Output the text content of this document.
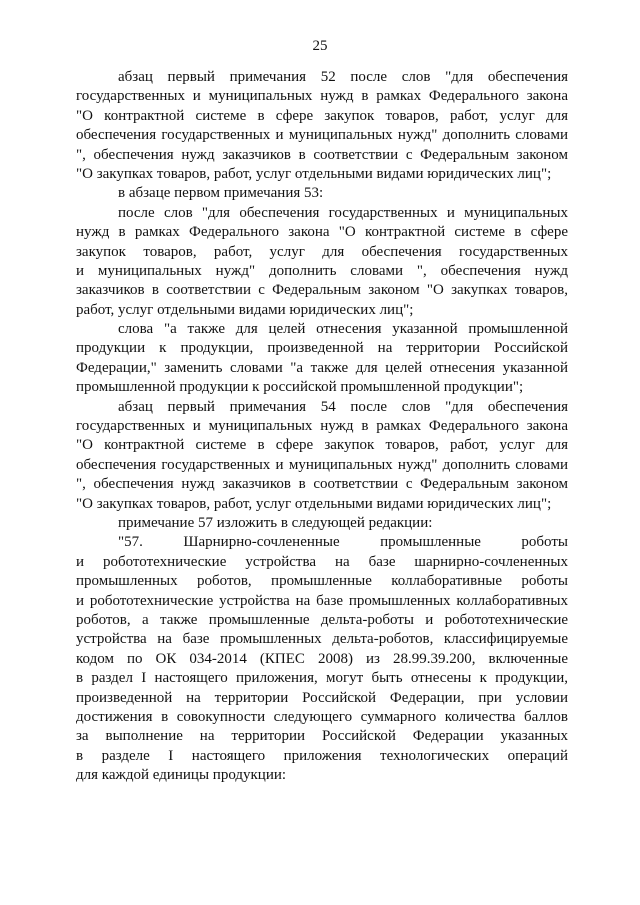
25
абзац первый примечания 52 после слов "для обеспечения
государственных и муниципальных нужд в рамках Федерального закона
"О контрактной системе в сфере закупок товаров, работ, услуг для
обеспечения государственных и муниципальных нужд" дополнить словами
", обеспечения нужд заказчиков в соответствии с Федеральным законом
"О закупках товаров, работ, услуг отдельными видами юридических лиц";
в абзаце первом примечания 53:
после слов "для обеспечения государственных и муниципальных
нужд в рамках Федерального закона "О контрактной системе в сфере
закупок товаров, работ, услуг для обеспечения государственных
и муниципальных нужд" дополнить словами ", обеспечения нужд
заказчиков в соответствии с Федеральным законом "О закупках товаров,
работ, услуг отдельными видами юридических лиц";
слова "а также для целей отнесения указанной промышленной
продукции к продукции, произведенной на территории Российской
Федерации," заменить словами "а также для целей отнесения указанной
промышленной продукции к российской промышленной продукции";
абзац первый примечания 54 после слов "для обеспечения
государственных и муниципальных нужд в рамках Федерального закона
"О контрактной системе в сфере закупок товаров, работ, услуг для
обеспечения государственных и муниципальных нужд" дополнить словами
", обеспечения нужд заказчиков в соответствии с Федеральным законом
"О закупках товаров, работ, услуг отдельными видами юридических лиц";
примечание 57 изложить в следующей редакции:
"57. Шарнирно-сочлененные промышленные роботы
и робототехнические устройства на базе шарнирно-сочлененных
промышленных роботов, промышленные коллаборативные роботы
и робототехнические устройства на базе промышленных коллаборативных
роботов, а также промышленные дельта-роботы и робототехнические
устройства на базе промышленных дельта-роботов, классифицируемые
кодом по ОК 034-2014 (КПЕС 2008) из 28.99.39.200, включенные
в раздел I настоящего приложения, могут быть отнесены к продукции,
произведенной на территории Российской Федерации, при условии
достижения в совокупности следующего суммарного количества баллов
за выполнение на территории Российской Федерации указанных
в разделе I настоящего приложения технологических операций
для каждой единицы продукции:
